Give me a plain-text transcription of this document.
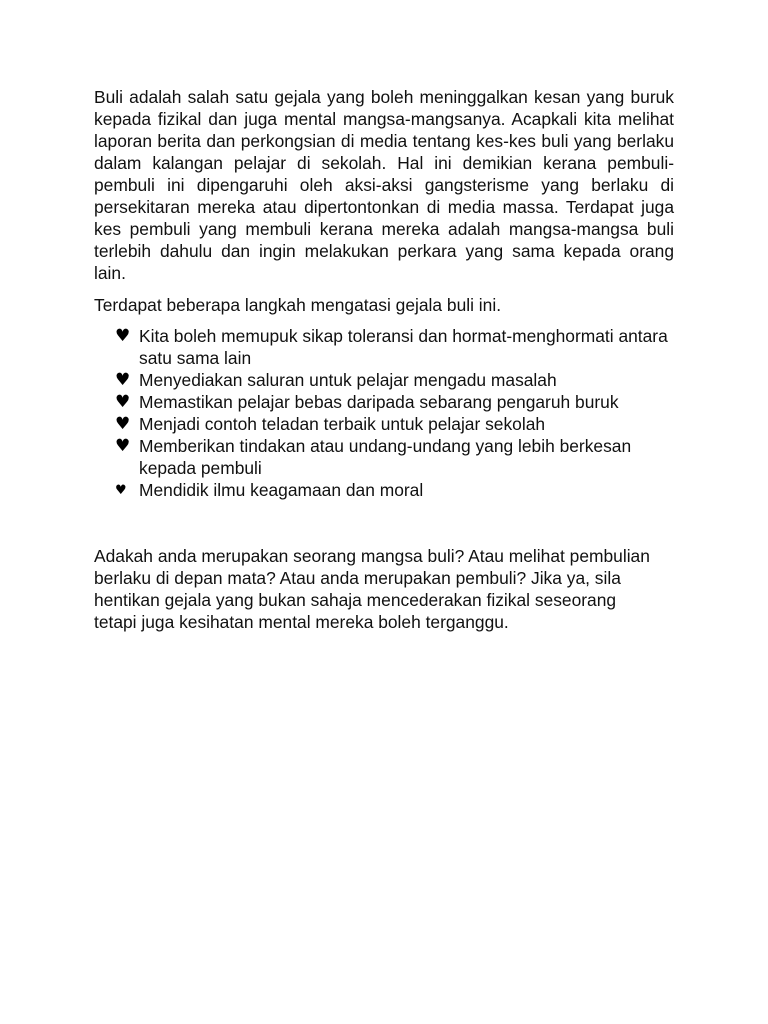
Buli adalah salah satu gejala yang boleh meninggalkan kesan yang buruk kepada fizikal dan juga mental mangsa-mangsanya. Acapkali kita melihat laporan berita dan perkongsian di media tentang kes-kes buli yang berlaku dalam kalangan pelajar di sekolah. Hal ini demikian kerana pembuli-pembuli ini dipengaruhi oleh aksi-aksi gangsterisme yang berlaku di persekitaran mereka atau dipertontonkan di media massa. Terdapat juga kes pembuli yang membuli kerana mereka adalah mangsa-mangsa buli terlebih dahulu dan ingin melakukan perkara yang sama kepada orang lain.

Terdapat beberapa langkah mengatasi gejala buli ini.

♥ Kita boleh memupuk sikap toleransi dan hormat-menghormati antara satu sama lain
♥ Menyediakan saluran untuk pelajar mengadu masalah
♥ Memastikan pelajar bebas daripada sebarang pengaruh buruk
♥ Menjadi contoh teladan terbaik untuk pelajar sekolah
♥ Memberikan tindakan atau undang-undang yang lebih berkesan kepada pembuli
♥ Mendidik ilmu keagamaan dan moral

Adakah anda merupakan seorang mangsa buli? Atau melihat pembulian berlaku di depan mata? Atau anda merupakan pembuli? Jika ya, sila hentikan gejala yang bukan sahaja mencederakan fizikal seseorang tetapi juga kesihatan mental mereka boleh terganggu.
